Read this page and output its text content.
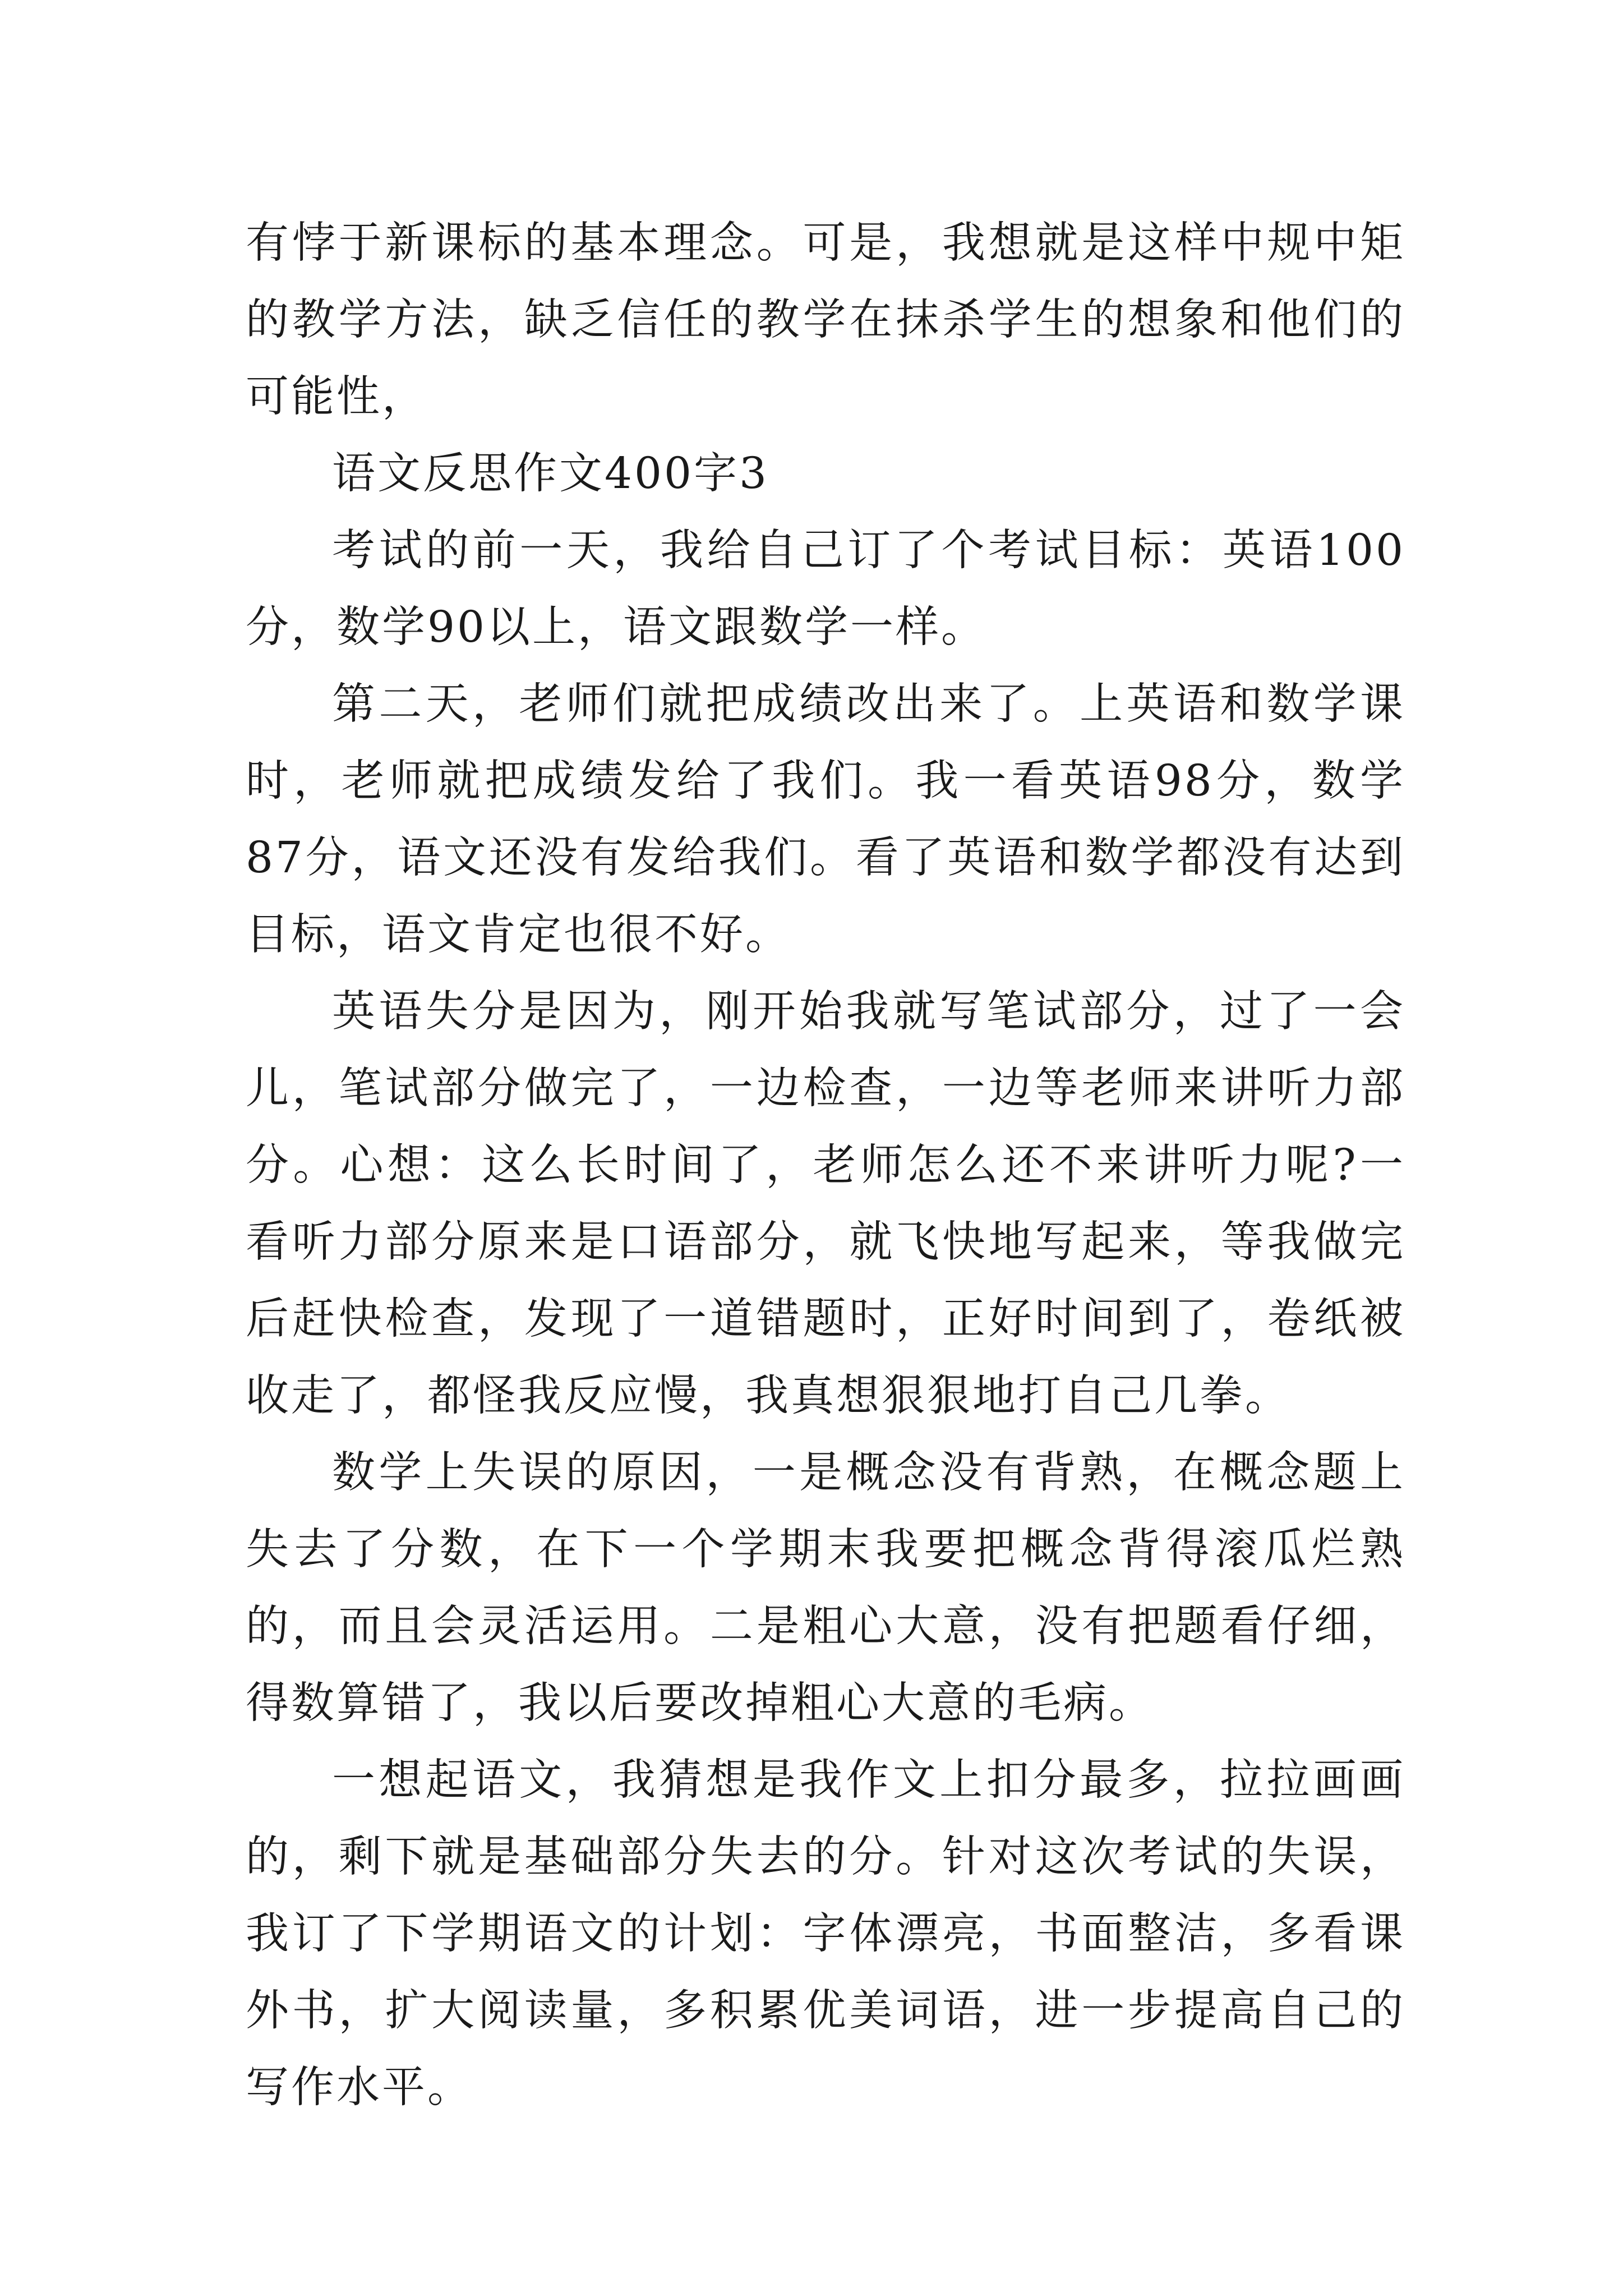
有悖于新课标的基本理念。可是，我想就是这样中规中矩的教学方法，缺乏信任的教学在抹杀学生的想象和他们的可能性，

语文反思作文400字3

考试的前一天，我给自己订了个考试目标：英语100分，数学90以上，语文跟数学一样。

第二天，老师们就把成绩改出来了。上英语和数学课时，老师就把成绩发给了我们。我一看英语98分，数学87分，语文还没有发给我们。看了英语和数学都没有达到目标，语文肯定也很不好。

英语失分是因为，刚开始我就写笔试部分，过了一会儿，笔试部分做完了，一边检查，一边等老师来讲听力部分。心想：这么长时间了，老师怎么还不来讲听力呢?一看听力部分原来是口语部分，就飞快地写起来，等我做完后赶快检查，发现了一道错题时，正好时间到了，卷纸被收走了，都怪我反应慢，我真想狠狠地打自己几拳。

数学上失误的原因，一是概念没有背熟，在概念题上失去了分数，在下一个学期末我要把概念背得滚瓜烂熟的，而且会灵活运用。二是粗心大意，没有把题看仔细，得数算错了，我以后要改掉粗心大意的毛病。

一想起语文，我猜想是我作文上扣分最多，拉拉画画的，剩下就是基础部分失去的分。针对这次考试的失误，我订了下学期语文的计划：字体漂亮，书面整洁，多看课外书，扩大阅读量，多积累优美词语，进一步提高自己的写作水平。
